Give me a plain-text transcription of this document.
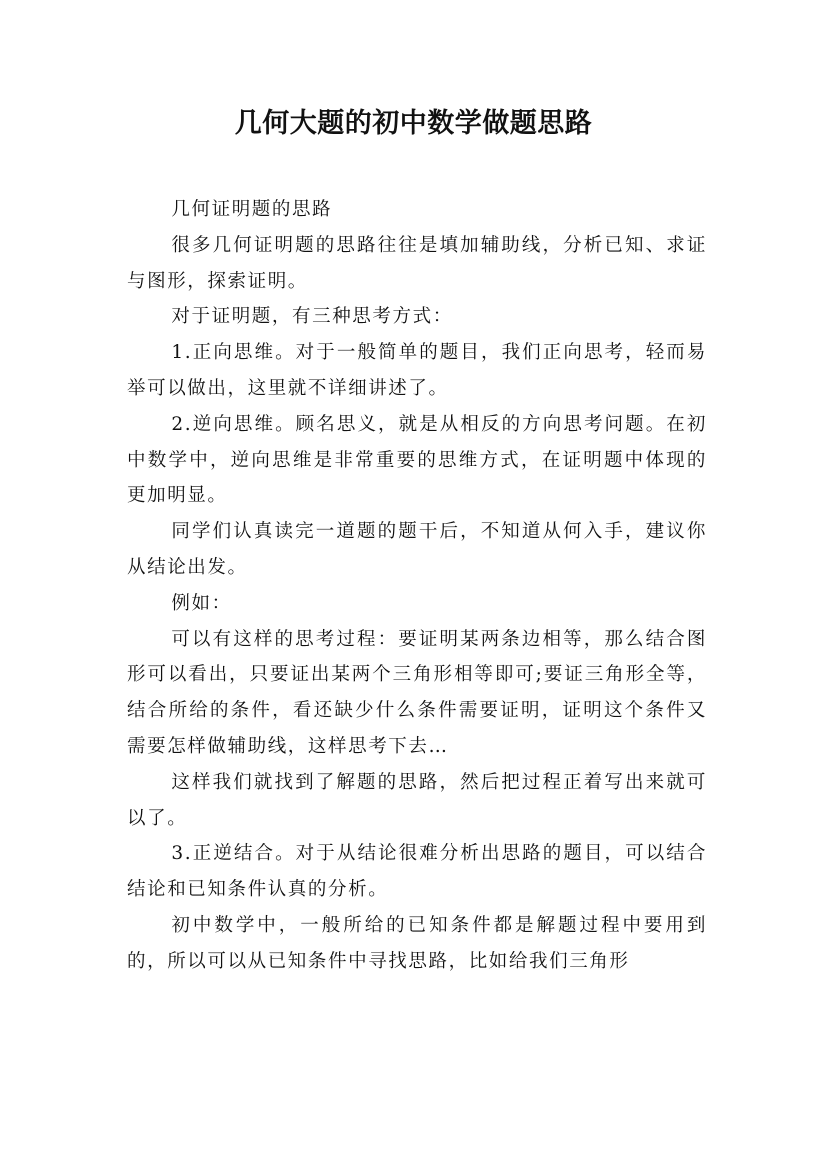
几何大题的初中数学做题思路

几何证明题的思路

很多几何证明题的思路往往是填加辅助线，分析已知、求证与图形，探索证明。

对于证明题，有三种思考方式：

1.正向思维。对于一般简单的题目，我们正向思考，轻而易举可以做出，这里就不详细讲述了。

2.逆向思维。顾名思义，就是从相反的方向思考问题。在初中数学中，逆向思维是非常重要的思维方式，在证明题中体现的更加明显。

同学们认真读完一道题的题干后，不知道从何入手，建议你从结论出发。

例如：

可以有这样的思考过程：要证明某两条边相等，那么结合图形可以看出，只要证出某两个三角形相等即可;要证三角形全等，结合所给的条件，看还缺少什么条件需要证明，证明这个条件又需要怎样做辅助线，这样思考下去…

这样我们就找到了解题的思路，然后把过程正着写出来就可以了。

3.正逆结合。对于从结论很难分析出思路的题目，可以结合结论和已知条件认真的分析。

初中数学中，一般所给的已知条件都是解题过程中要用到的，所以可以从已知条件中寻找思路，比如给我们三角形
